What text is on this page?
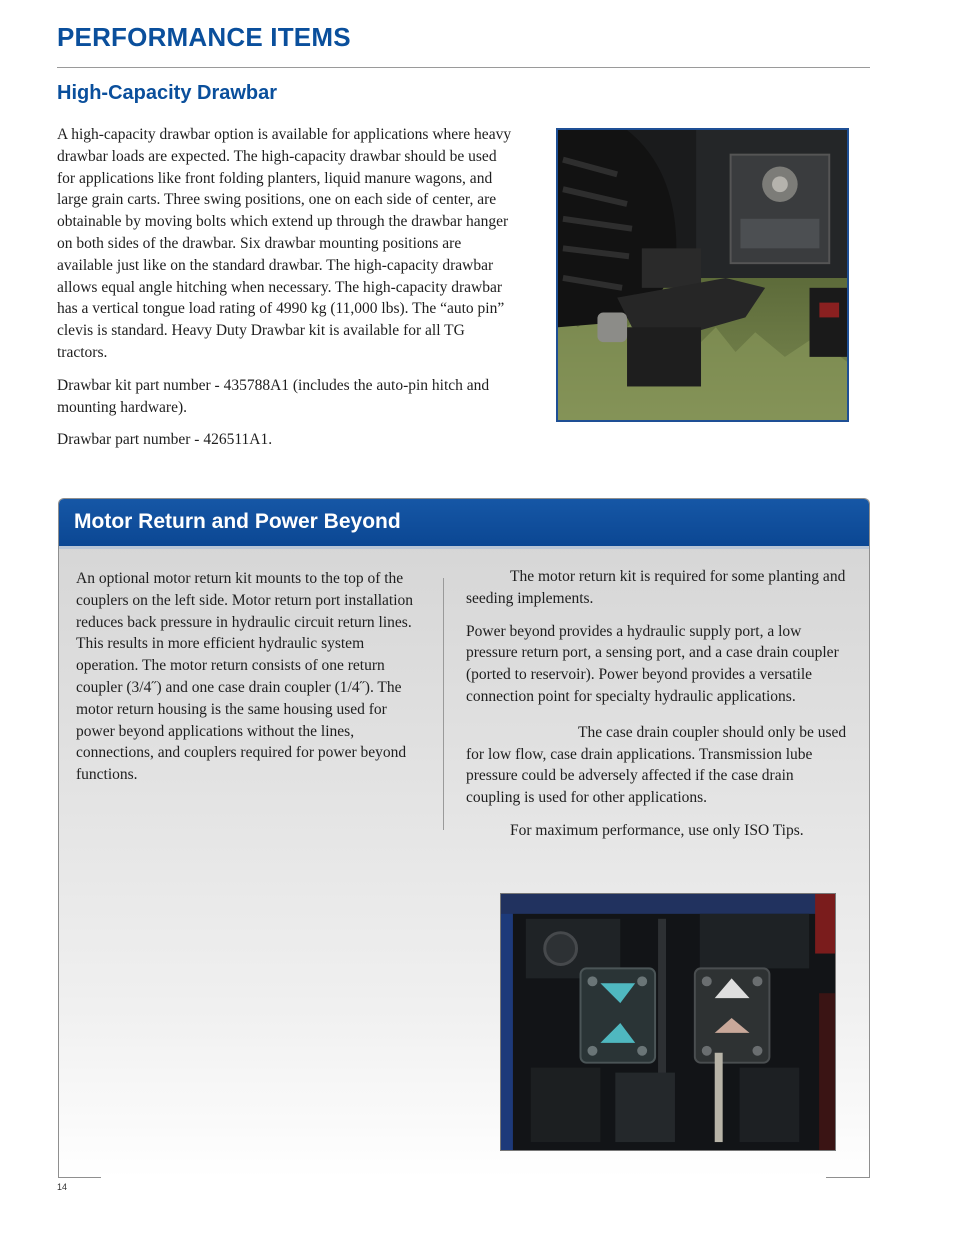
PERFORMANCE ITEMS
High-Capacity Drawbar

A high-capacity drawbar option is available for applications where heavy drawbar loads are expected. The high-capacity drawbar should be used for applications like front folding planters, liquid manure wagons, and large grain carts. Three swing positions, one on each side of center, are obtainable by moving bolts which extend up through the drawbar hanger on both sides of the drawbar. Six drawbar mounting positions are available just like on the standard drawbar. The high-capacity drawbar allows equal angle hitching when necessary. The high-capacity drawbar has a vertical tongue load rating of 4990 kg (11,000 lbs). The “auto pin” clevis is standard. Heavy Duty Drawbar kit is available for all TG tractors.

Drawbar kit part number - 435788A1 (includes the auto-pin hitch and mounting hardware).

Drawbar part number - 426511A1.

Motor Return and Power Beyond

An optional motor return kit mounts to the top of the couplers on the left side. Motor return port installation reduces back pressure in hydraulic circuit return lines. This results in more efficient hydraulic system operation. The motor return consists of one return coupler (3/4˝) and one case drain coupler (1/4˝). The motor return housing is the same housing used for power beyond applications without the lines, connections, and couplers required for power beyond functions.

The motor return kit is required for some planting and seeding implements.

Power beyond provides a hydraulic supply port, a low pressure return port, a sensing port, and a case drain coupler (ported to reservoir). Power beyond provides a versatile connection point for specialty hydraulic applications.

The case drain coupler should only be used for low flow, case drain applications. Transmission lube pressure could be adversely affected if the case drain coupling is used for other applications.

For maximum performance, use only ISO Tips.

14
